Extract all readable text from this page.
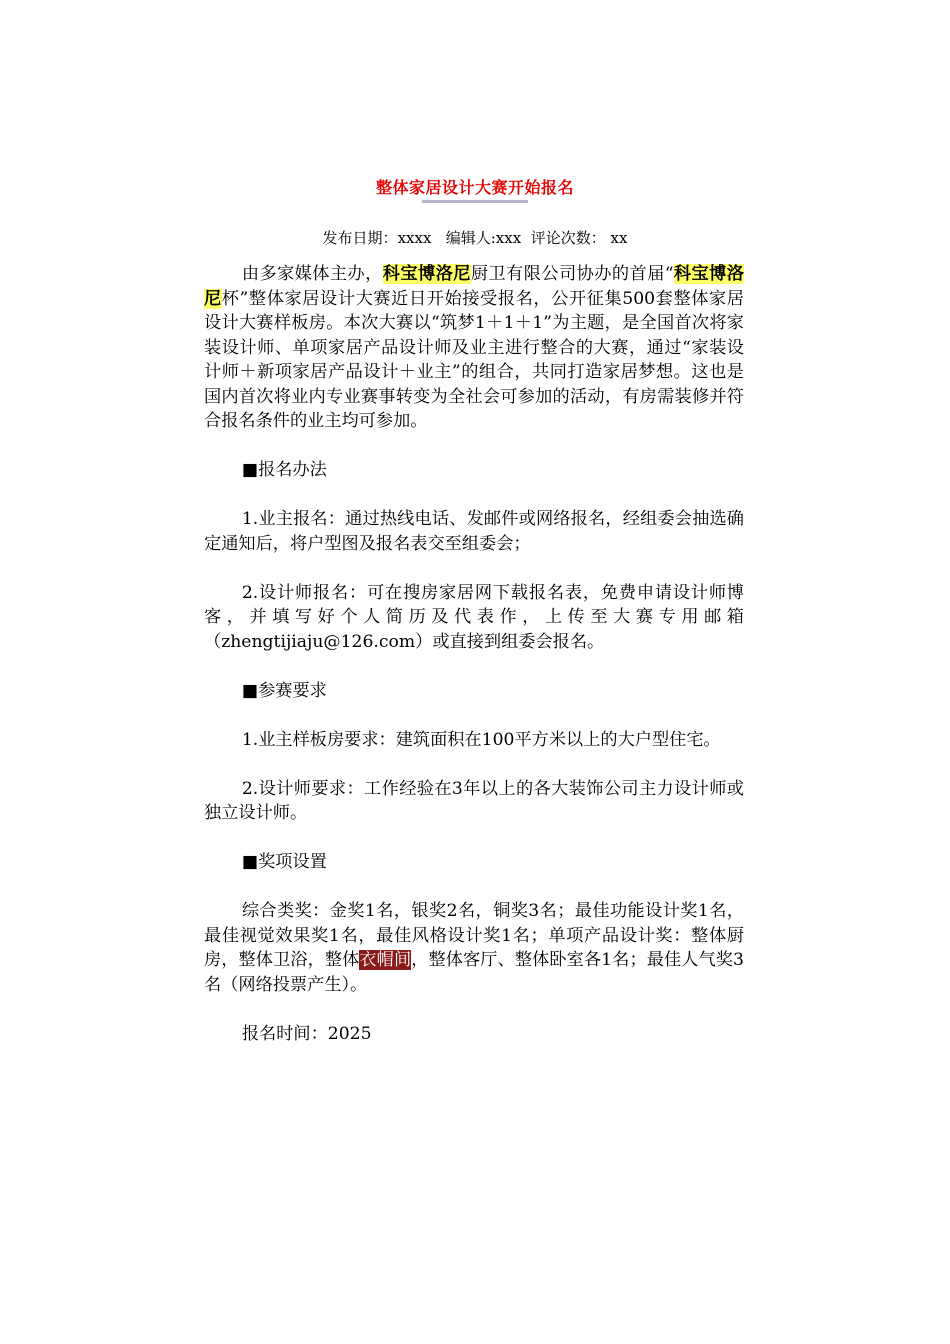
整体家居设计大赛开始报名
发布日期：xxxx 编辑人:xxx 评论次数： xx

由多家媒体主办，科宝博洛尼厨卫有限公司协办的首届“科宝博洛尼杯”整体家居设计大赛近日开始接受报名，公开征集500套整体家居设计大赛样板房。本次大赛以“筑梦1＋1＋1”为主题，是全国首次将家装设计师、单项家居产品设计师及业主进行整合的大赛，通过“家装设计师＋新项家居产品设计＋业主”的组合，共同打造家居梦想。这也是国内首次将业内专业赛事转变为全社会可参加的活动，有房需装修并符合报名条件的业主均可参加。

■报名办法

1.业主报名：通过热线电话、发邮件或网络报名，经组委会抽选确定通知后，将户型图及报名表交至组委会；

2.设计师报名：可在搜房家居网下载报名表，免费申请设计师博客，并填写好个人简历及代表作，上传至大赛专用邮箱（zhengtijiaju@126.com）或直接到组委会报名。

■参赛要求

1.业主样板房要求：建筑面积在100平方米以上的大户型住宅。

2.设计师要求：工作经验在3年以上的各大装饰公司主力设计师或独立设计师。

■奖项设置

综合类奖：金奖1名，银奖2名，铜奖3名；最佳功能设计奖1名，最佳视觉效果奖1名，最佳风格设计奖1名；单项产品设计奖：整体厨房，整体卫浴，整体衣帽间，整体客厅、整体卧室各1名；最佳人气奖3名（网络投票产生）。

报名时间：2025
